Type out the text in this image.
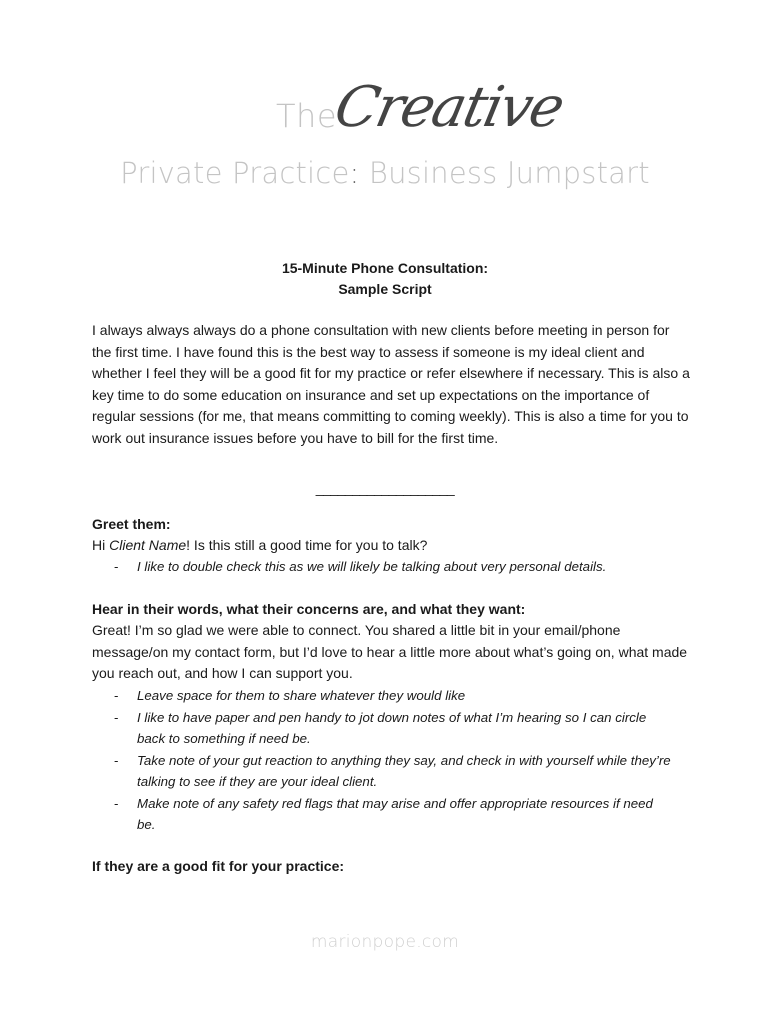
The
Creative
Private Practice: Business Jumpstart
15-Minute Phone Consultation:
Sample Script
I always always always do a phone consultation with new clients before meeting in person for the first time. I have found this is the best way to assess if someone is my ideal client and whether I feel they will be a good fit for my practice or refer elsewhere if necessary. This is also a key time to do some education on insurance and set up expectations on the importance of regular sessions (for me, that means committing to coming weekly). This is also a time for you to work out insurance issues before you have to bill for the first time.
___________________
Greet them:
Hi Client Name! Is this still a good time for you to talk?
- I like to double check this as we will likely be talking about very personal details.
Hear in their words, what their concerns are, and what they want:
Great! I’m so glad we were able to connect. You shared a little bit in your email/phone message/on my contact form, but I’d love to hear a little more about what’s going on, what made you reach out, and how I can support you.
- Leave space for them to share whatever they would like
- I like to have paper and pen handy to jot down notes of what I’m hearing so I can circle back to something if need be.
- Take note of your gut reaction to anything they say, and check in with yourself while they’re talking to see if they are your ideal client.
- Make note of any safety red flags that may arise and offer appropriate resources if need be.
If they are a good fit for your practice:
marionpope.com
